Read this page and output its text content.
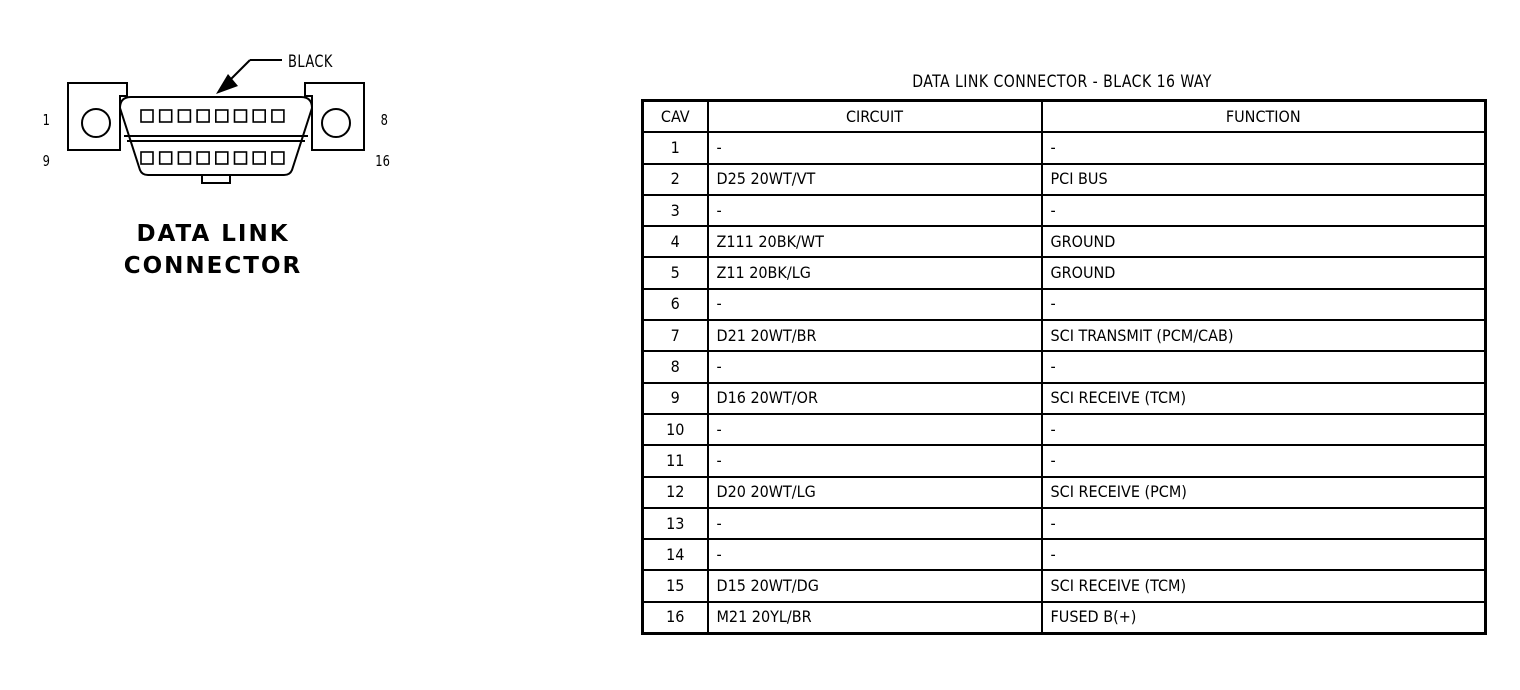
1	8
9	16
BLACK
DATA LINK
CONNECTOR
DATA LINK CONNECTOR - BLACK 16 WAY
CAV	CIRCUIT	FUNCTION
1	-	-
2	D25 20WT/VT	PCI BUS
3	-	-
4	Z111 20BK/WT	GROUND
5	Z11 20BK/LG	GROUND
6	-	-
7	D21 20WT/BR	SCI TRANSMIT (PCM/CAB)
8	-	-
9	D16 20WT/OR	SCI RECEIVE (TCM)
10	-	-
11	-	-
12	D20 20WT/LG	SCI RECEIVE (PCM)
13	-	-
14	-	-
15	D15 20WT/DG	SCI RECEIVE (TCM)
16	M21 20YL/BR	FUSED B(+)
